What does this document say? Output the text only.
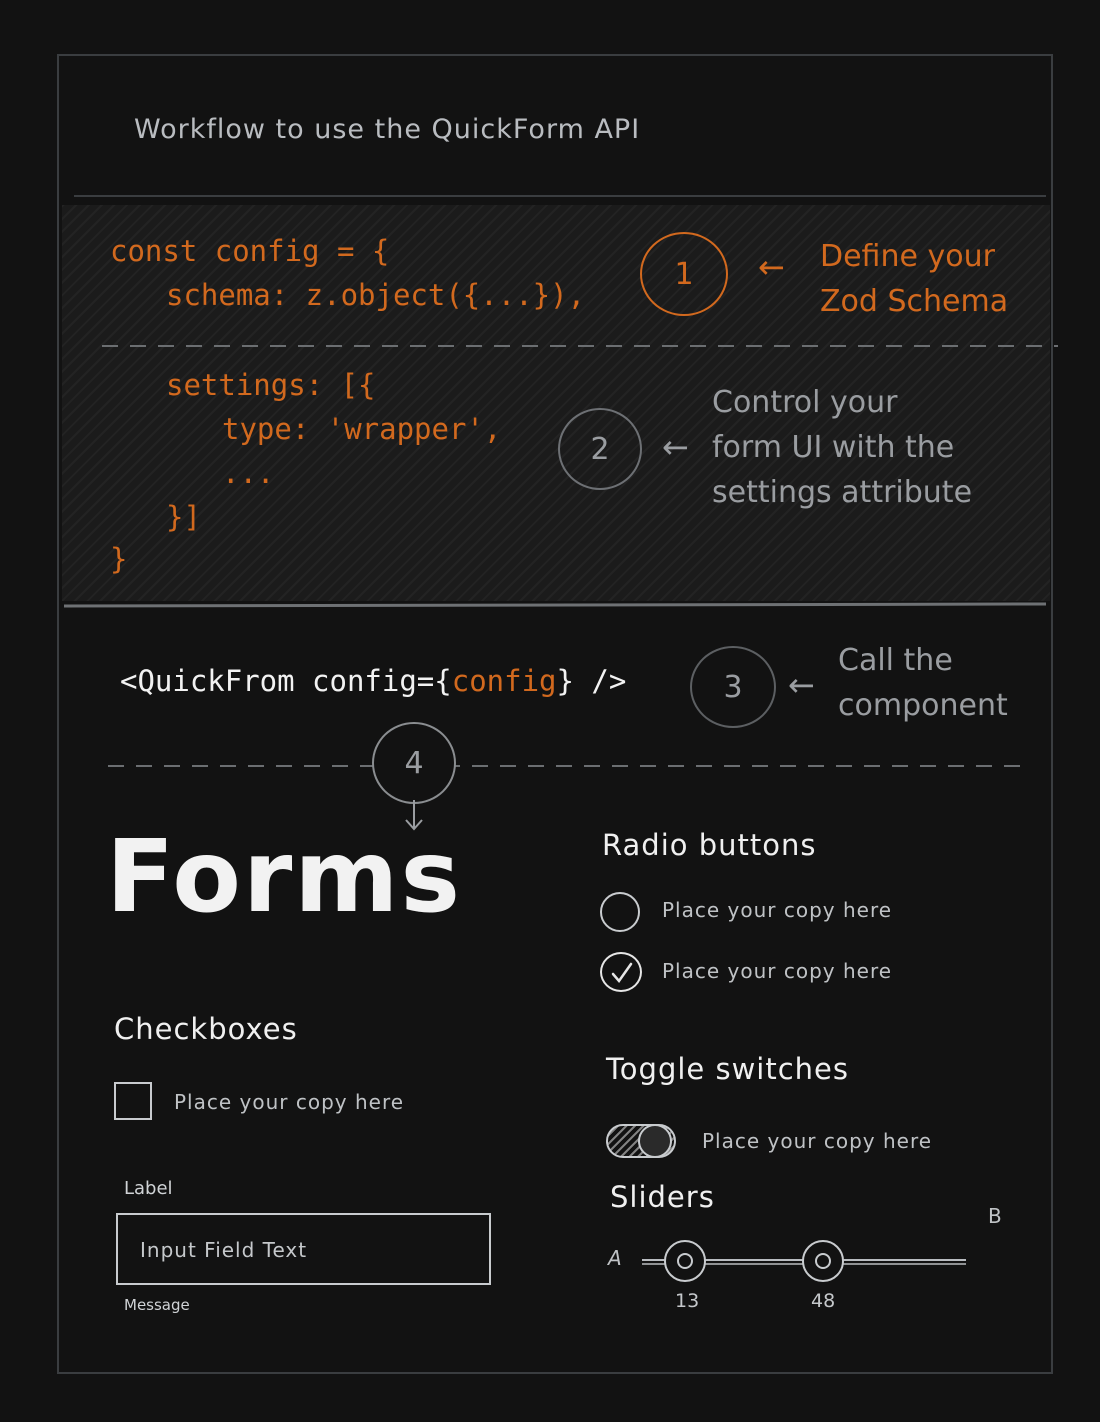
Workflow to use the QuickForm API
const config = {
schema: z.object({...}),
settings: [{
type: 'wrapper',
...
}]
}
1 ← Define your
Zod Schema
2 ←
Control your
form UI with the
settings attribute
<QuickFrom config={config} />	3 ←
Call the
component
4
Forms
Checkboxes
Place your copy here
Label
Input Field Text
Message
Radio buttons
Place your copy here
Place your copy here
Toggle switches
Place your copy here
Sliders
B
A
13	48
